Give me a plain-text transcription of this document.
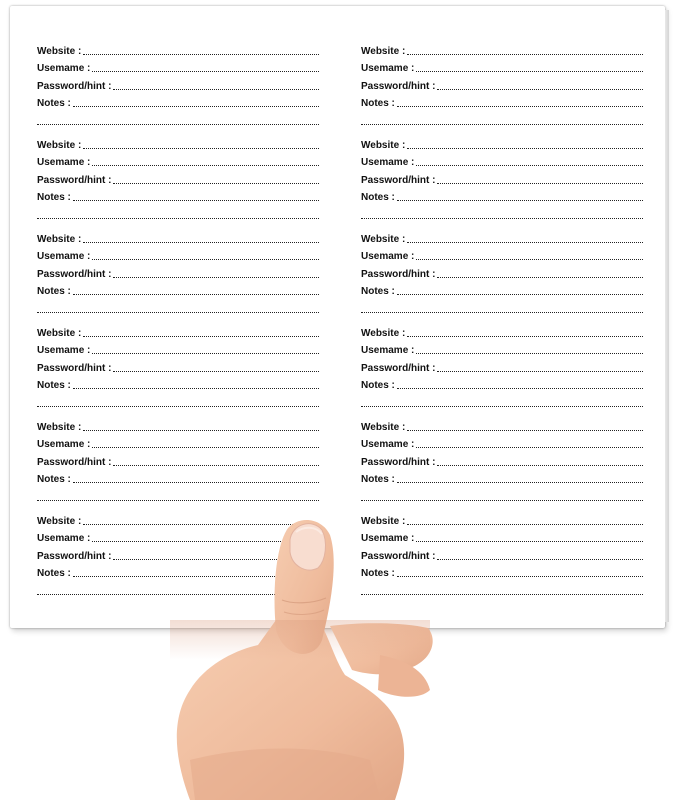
Website :
Usemame :
Password/hint :
Notes :
Website :
Usemame :
Password/hint :
Notes :
Website :
Usemame :
Password/hint :
Notes :
Website :
Usemame :
Password/hint :
Notes :
Website :
Usemame :
Password/hint :
Notes :
Website :
Usemame :
Password/hint :
Notes :
Website :
Usemame :
Password/hint :
Notes :
Website :
Usemame :
Password/hint :
Notes :
Website :
Usemame :
Password/hint :
Notes :
Website :
Usemame :
Password/hint :
Notes :
Website :
Usemame :
Password/hint :
Notes :
Website :
Usemame :
Password/hint :
Notes :
